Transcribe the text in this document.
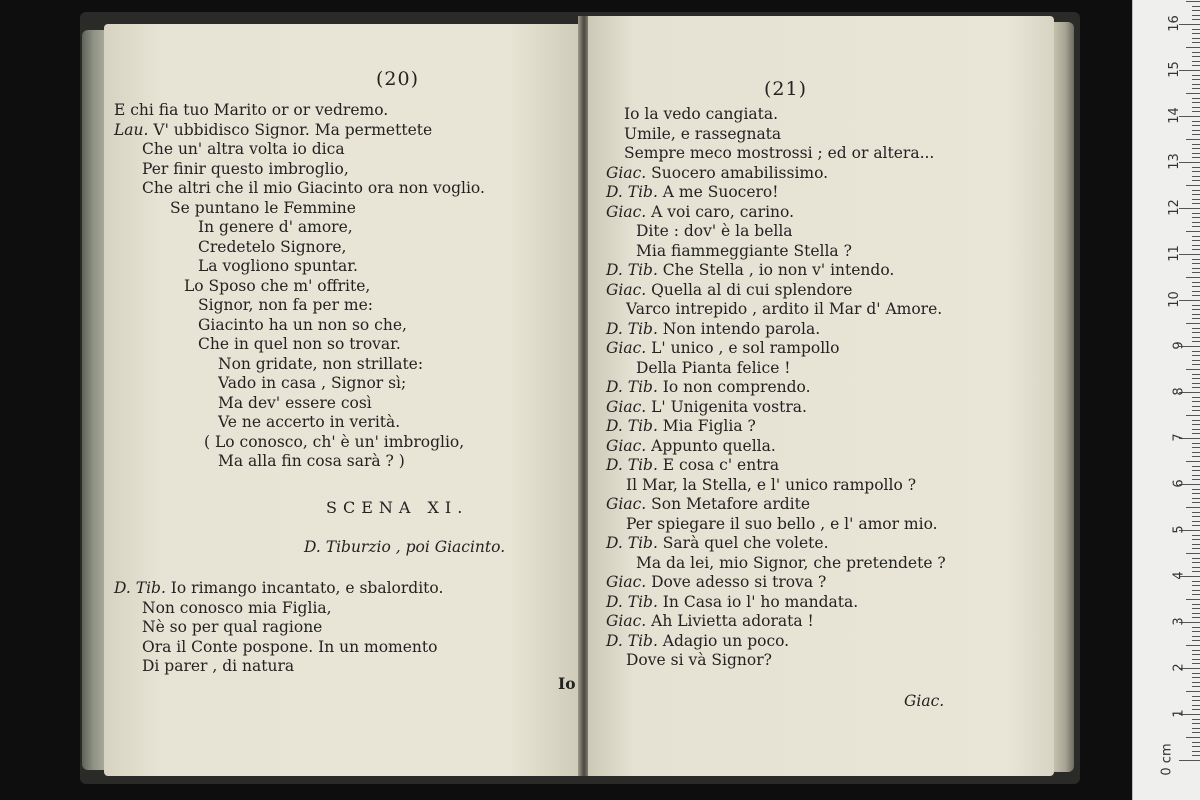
(20)
E chi fia tuo Marito or or vedremo.
Lau. V' ubbidisco Signor. Ma permettete
Che un' altra volta io dica
Per finir questo imbroglio,
Che altri che il mio Giacinto ora non voglio.
Se puntano le Femmine
In genere d' amore,
Credetelo Signore,
La vogliono spuntar.
Lo Sposo che m' offrite,
Signor, non fa per me:
Giacinto ha un non so che,
Che in quel non so trovar.
Non gridate, non strillate:
Vado in casa , Signor sì;
Ma dev' essere così
Ve ne accerto in verità.
( Lo conosco, ch' è un' imbroglio,
Ma alla fin cosa sarà ? )
SCENA XI.
D. Tiburzio , poi Giacinto.
D. Tib. Io rimango incantato, e sbalordito.
Non conosco mia Figlia,
Nè so per qual ragione
Ora il Conte pospone. In un momento
Di parer , di natura
Io
(21)
Io la vedo cangiata.
Umile, e rassegnata
Sempre meco mostrossi ; ed or altera...
Giac. Suocero amabilissimo.
D. Tib. A me Suocero!
Giac. A voi caro, carino.
Dite : dov' è la bella
Mia fiammeggiante Stella ?
D. Tib. Che Stella , io non v' intendo.
Giac. Quella al di cui splendore
Varco intrepido , ardito il Mar d' Amore.
D. Tib. Non intendo parola.
Giac. L' unico , e sol rampollo
Della Pianta felice !
D. Tib. Io non comprendo.
Giac. L' Unigenita vostra.
D. Tib. Mia Figlia ?
Giac. Appunto quella.
D. Tib. E cosa c' entra
Il Mar, la Stella, e l' unico rampollo ?
Giac. Son Metafore ardite
Per spiegare il suo bello , e l' amor mio.
D. Tib. Sarà quel che volete.
Ma da lei, mio Signor, che pretendete ?
Giac. Dove adesso si trova ?
D. Tib. In Casa io l' ho mandata.
Giac. Ah Livietta adorata !
D. Tib. Adagio un poco.
Dove si và Signor?
Giac.
0 cm
1
2
3
4
5
6
7
8
9
10
11
12
13
14
15
16
